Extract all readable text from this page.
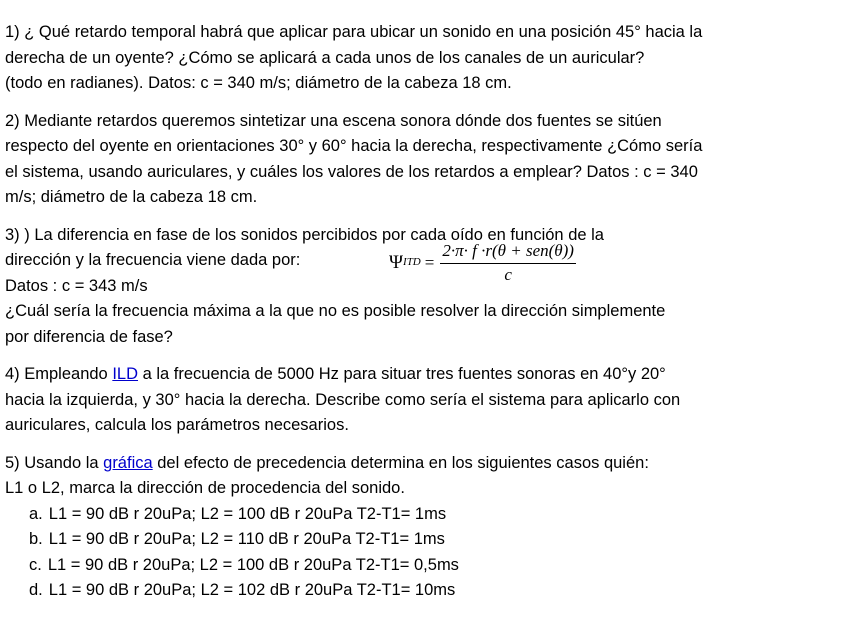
1) ¿ Qué retardo temporal habrá que aplicar para ubicar un sonido en una posición 45° hacia la

derecha de un oyente? ¿Cómo se aplicará a cada unos de los canales de un auricular?

(todo en radianes). Datos: c = 340 m/s; diámetro de la cabeza 18 cm.

2) Mediante retardos queremos sintetizar una escena sonora dónde dos fuentes se sitúen

respecto del oyente en orientaciones 30° y 60° hacia la derecha, respectivamente ¿Cómo sería

el sistema, usando auriculares, y cuáles los valores de los retardos a emplear? Datos : c = 340

m/s; diámetro de la cabeza 18 cm.

3) ) La diferencia en fase de los sonidos percibidos por cada oído en función de la

dirección y la frecuencia viene dada por:	Ψ ITD = $\frac{\text{2·π· f ·r(θ + sen(θ))}}{c}$

Datos : c = 343 m/s

¿Cuál sería la frecuencia máxima a la que no es posible resolver la dirección simplemente

por diferencia de fase?

4) Empleando ILD a la frecuencia de 5000 Hz para situar tres fuentes sonoras en 40°y 20°

hacia la izquierda, y 30° hacia la derecha. Describe como sería el sistema para aplicarlo con

auriculares, calcula los parámetros necesarios.

5) Usando la gráfica del efecto de precedencia determina en los siguientes casos quién:

L1 o L2, marca la dirección de procedencia del sonido.

a. L1 = 90 dB r 20uPa; L2 = 100 dB r 20uPa T2-T1= 1ms
b. L1 = 90 dB r 20uPa; L2 = 110 dB r 20uPa T2-T1= 1ms
c. L1 = 90 dB r 20uPa; L2 = 100 dB r 20uPa T2-T1= 0,5ms
d. L1 = 90 dB r 20uPa; L2 = 102 dB r 20uPa T2-T1= 10ms
